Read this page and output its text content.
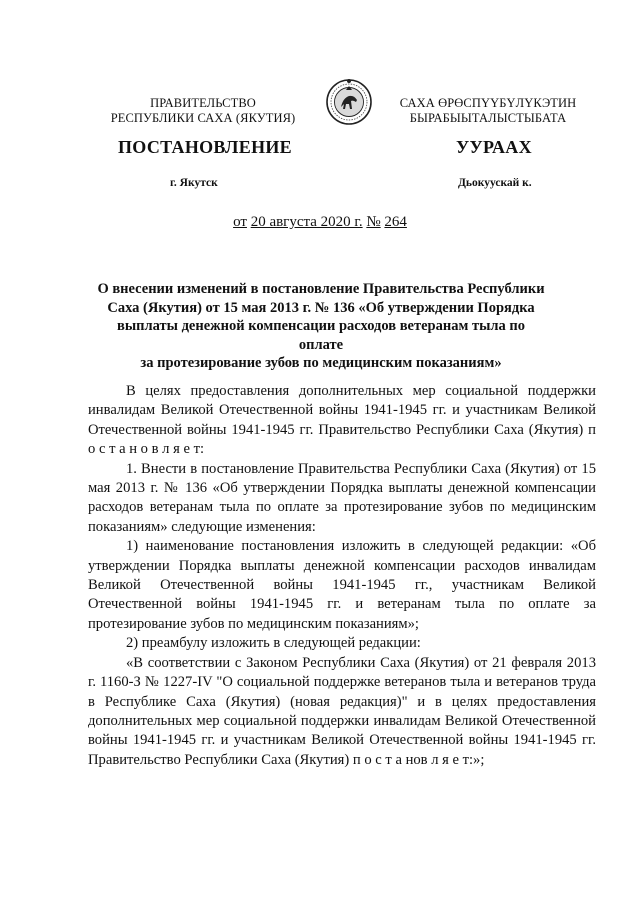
ПРАВИТЕЛЬСТВО
РЕСПУБЛИКИ САХА (ЯКУТИЯ)
САХА ӨРӨСПҮҮБҮЛҮКЭТИН
БЫРАБЫЫТАЛЫСТЫБАТА
ПОСТАНОВЛЕНИЕ	УУРААХ
г. Якутск	Дьокуускай к.
от 20 августа 2020 г. № 264
О внесении изменений в постановление Правительства Республики
Саха (Якутия) от 15 мая 2013 г. № 136 «Об утверждении Порядка
выплаты денежной компенсации расходов ветеранам тыла по оплате
за протезирование зубов по медицинским показаниям»

В целях предоставления дополнительных мер социальной поддержки инвалидам Великой Отечественной войны 1941-1945 гг. и участникам Великой Отечественной войны 1941-1945 гг. Правительство Республики Саха (Якутия) п о с т а н о в л я е т:

1. Внести в постановление Правительства Республики Саха (Якутия) от 15 мая 2013 г. № 136 «Об утверждении Порядка выплаты денежной компенсации расходов ветеранам тыла по оплате за протезирование зубов по медицинским показаниям» следующие изменения:

1) наименование постановления изложить в следующей редакции: «Об утверждении Порядка выплаты денежной компенсации расходов инвалидам Великой Отечественной войны 1941-1945 гг., участникам Великой Отечественной войны 1941-1945 гг. и ветеранам тыла по оплате за протезирование зубов по медицинским показаниям»;

2) преамбулу изложить в следующей редакции:

«В соответствии с Законом Республики Саха (Якутия) от 21 февраля 2013 г. 1160-З № 1227-IV "О социальной поддержке ветеранов тыла и ветеранов труда в Республике Саха (Якутия) (новая редакция)" и в целях предоставления дополнительных мер социальной поддержки инвалидам Великой Отечественной войны 1941-1945 гг. и участникам Великой Отечественной войны 1941-1945 гг. Правительство Республики Саха (Якутия) п о с т а нов л я е т:»;
